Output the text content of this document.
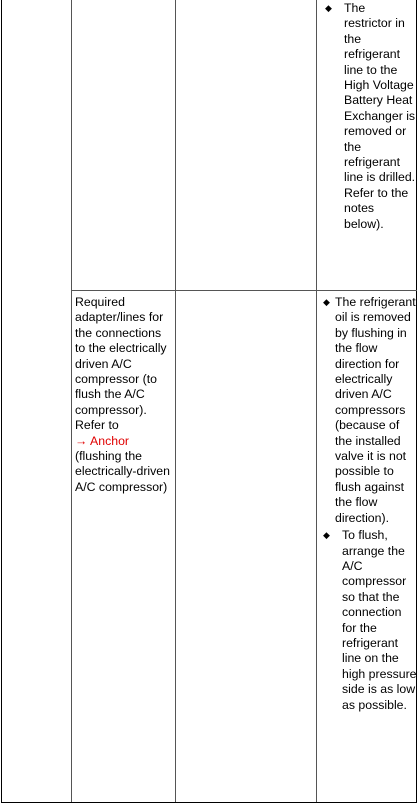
◆ The restrictor in the refrigerant line to the High Voltage Battery Heat Exchanger is removed or the refrigerant line is drilled. Refer to the notes below).
Required adapter/lines for the connections to the electrically driven A/C compressor (to flush the A/C compressor). Refer to
→ Anchor
(flushing the electrically-driven A/C compressor)
◆ The refrigerant oil is removed by flushing in the flow direction for electrically driven A/C compressors (because of the installed valve it is not possible to flush against the flow direction).
◆ To flush, arrange the A/C compressor so that the connection for the refrigerant line on the high pressure side is as low as possible.
